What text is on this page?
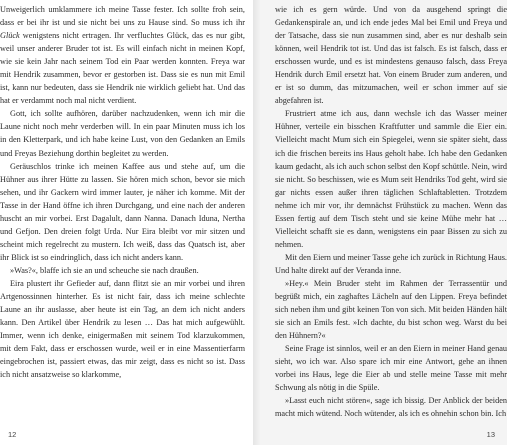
Unweigerlich umklammere ich meine Tasse fester. Ich sollte froh sein, dass er bei ihr ist und sie nicht bei uns zu Hause sind. So muss ich ihr Glück wenigstens nicht ertragen. Ihr verfluchtes Glück, das es nur gibt, weil unser anderer Bruder tot ist. Es will einfach nicht in meinen Kopf, wie sie kein Jahr nach seinem Tod ein Paar werden konnten. Freya war mit Hendrik zusammen, bevor er gestorben ist. Dass sie es nun mit Emil ist, kann nur bedeuten, dass sie Hendrik nie wirklich geliebt hat. Und das hat er verdammt noch mal nicht verdient.

Gott, ich sollte aufhören, darüber nachzudenken, wenn ich mir die Laune nicht noch mehr verderben will. In ein paar Minuten muss ich los in den Kletterpark, und ich habe keine Lust, von den Gedanken an Emils und Freyas Beziehung dorthin begleitet zu werden.

Geräuschlos trinke ich meinen Kaffee aus und stehe auf, um die Hühner aus ihrer Hütte zu lassen. Sie hören mich schon, bevor sie mich sehen, und ihr Gackern wird immer lauter, je näher ich komme. Mit der Tasse in der Hand öffne ich ihren Durchgang, und eine nach der anderen huscht an mir vorbei. Erst Dagalult, dann Nanna. Danach Iduna, Nertha und Gefjon. Den dreien folgt Urda. Nur Eira bleibt vor mir sitzen und scheint mich regelrecht zu mustern. Ich weiß, dass das Quatsch ist, aber ihr Blick ist so eindringlich, dass ich nicht anders kann.

»Was?«, blaffe ich sie an und scheuche sie nach draußen.

Eira plustert ihr Gefieder auf, dann flitzt sie an mir vorbei und ihren Artgenossinnen hinterher. Es ist nicht fair, dass ich meine schlechte Laune an ihr auslasse, aber heute ist ein Tag, an dem ich nicht anders kann. Den Artikel über Hendrik zu lesen … Das hat mich aufgewühlt. Immer, wenn ich denke, einigermaßen mit seinem Tod klarzukommen, mit dem Fakt, dass er erschossen wurde, weil er in eine Massentierfarm eingebrochen ist, passiert etwas, das mir zeigt, dass es nicht so ist. Dass ich nicht ansatzweise so klarkomme,

12

wie ich es gern würde. Und von da ausgehend springt die Gedankenspirale an, und ich ende jedes Mal bei Emil und Freya und der Tatsache, dass sie nun zusammen sind, aber es nur deshalb sein können, weil Hendrik tot ist. Und das ist falsch. Es ist falsch, dass er erschossen wurde, und es ist mindestens genauso falsch, dass Freya Hendrik durch Emil ersetzt hat. Von einem Bruder zum anderen, und er ist so dumm, das mitzumachen, weil er schon immer auf sie abgefahren ist.

Frustriert atme ich aus, dann wechsle ich das Wasser meiner Hühner, verteile ein bisschen Kraftfutter und sammle die Eier ein. Vielleicht macht Mum sich ein Spiegelei, wenn sie später sieht, dass ich die frischen bereits ins Haus geholt habe. Ich habe den Gedanken kaum gedacht, als ich auch schon selbst den Kopf schüttle. Nein, wird sie nicht. So beschissen, wie es Mum seit Hendriks Tod geht, wird sie gar nichts essen außer ihren täglichen Schlaftabletten. Trotzdem nehme ich mir vor, ihr demnächst Frühstück zu machen. Wenn das Essen fertig auf dem Tisch steht und sie keine Mühe mehr hat … Vielleicht schafft sie es dann, wenigstens ein paar Bissen zu sich zu nehmen.

Mit den Eiern und meiner Tasse gehe ich zurück in Richtung Haus. Und halte direkt auf der Veranda inne.

»Hey.« Mein Bruder steht im Rahmen der Terrassentür und begrüßt mich, ein zaghaftes Lächeln auf den Lippen. Freya befindet sich neben ihm und gibt keinen Ton von sich. Mit beiden Händen hält sie sich an Emils fest. »Ich dachte, du bist schon weg. Warst du bei den Hühnern?«

Seine Frage ist sinnlos, weil er an den Eiern in meiner Hand genau sieht, wo ich war. Also spare ich mir eine Antwort, gehe an ihnen vorbei ins Haus, lege die Eier ab und stelle meine Tasse mit mehr Schwung als nötig in die Spüle.

»Lasst euch nicht stören«, sage ich bissig. Der Anblick der beiden macht mich wütend. Noch wütender, als ich es ohnehin schon bin. Ich

13
